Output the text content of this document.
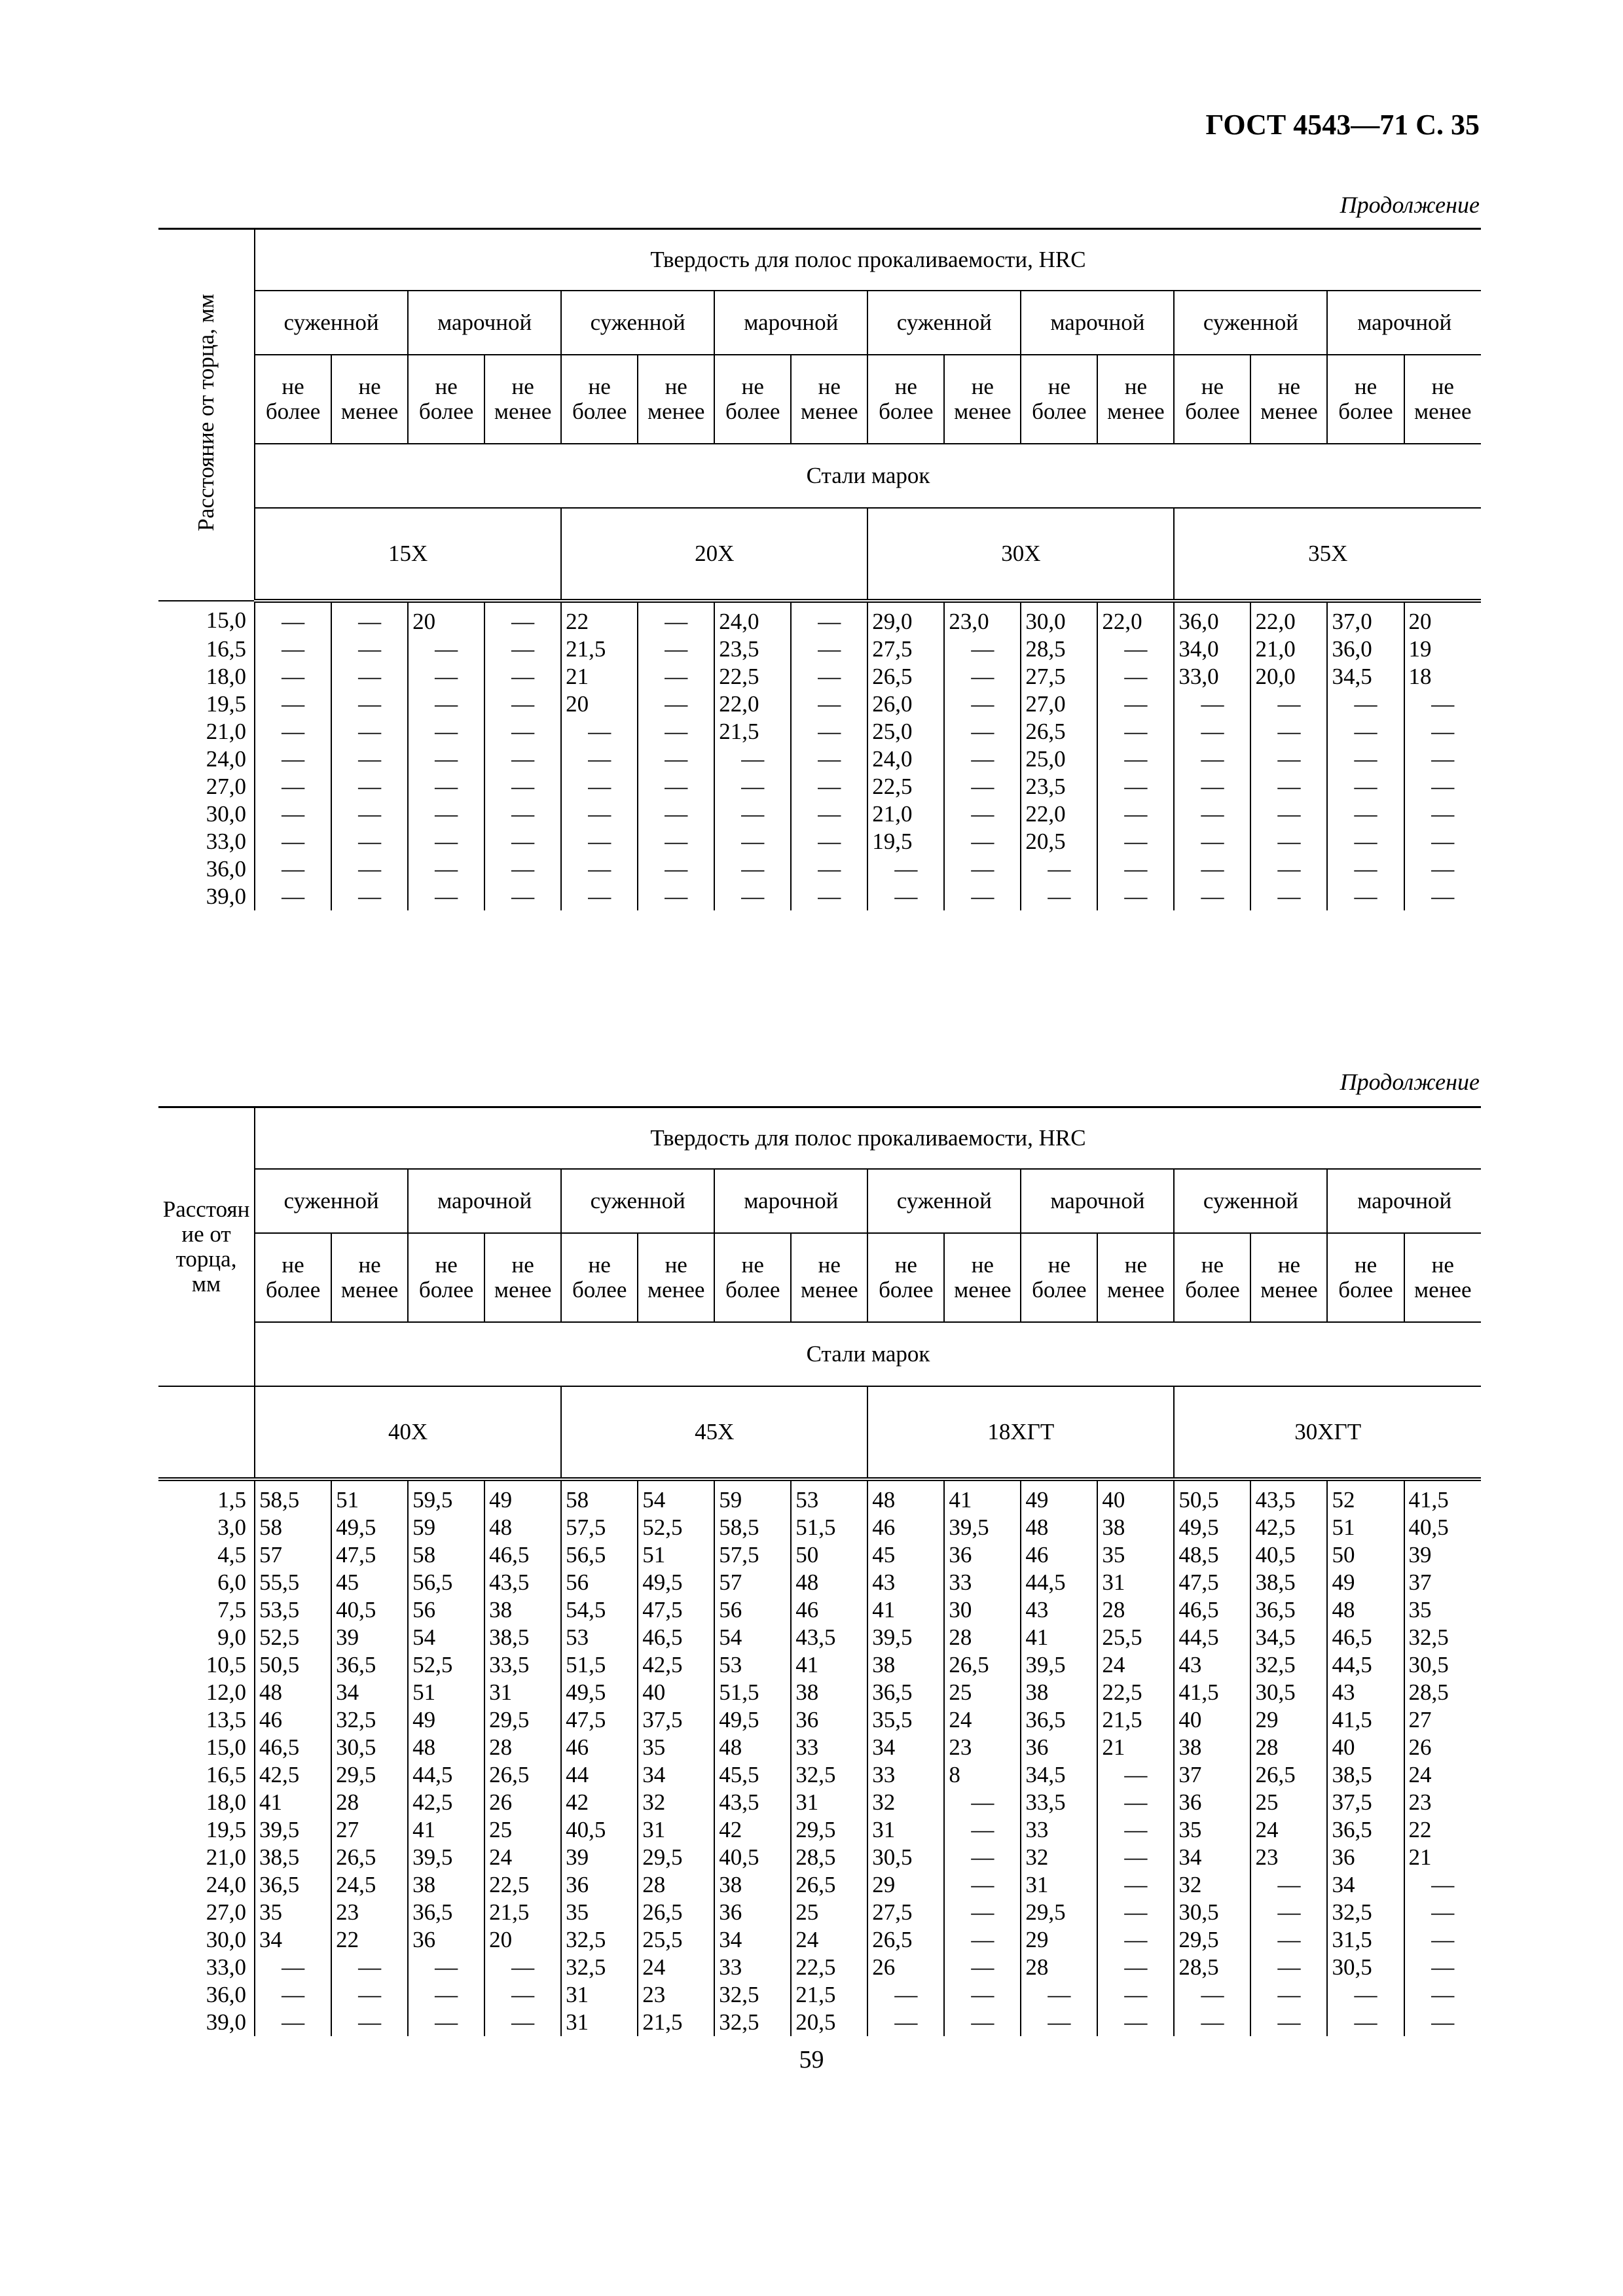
ГОСТ 4543—71 С. 35
Продолжение
Расстояние от торца, мм	Твердость для полос прокаливаемости, HRC															
	суженной		марочной		суженной		марочной		суженной		марочной		суженной		марочной	
	не более	не менее	не более	не менее	не более	не менее	не более	не менее	не более	не менее	не более	не менее	не более	не менее	не более	не менее
	Стали марок															
	15Х				20Х				30Х				35Х			
15,0	—	—	20	—	22	—	24,0	—	29,0	23,0	30,0	22,0	36,0	22,0	37,0	20
16,5	—	—	—	—	21,5	—	23,5	—	27,5	—	28,5	—	34,0	21,0	36,0	19
18,0	—	—	—	—	21	—	22,5	—	26,5	—	27,5	—	33,0	20,0	34,5	18
19,5	—	—	—	—	20	—	22,0	—	26,0	—	27,0	—	—	—	—	—
21,0	—	—	—	—	—	—	21,5	—	25,0	—	26,5	—	—	—	—	—
24,0	—	—	—	—	—	—	—	—	24,0	—	25,0	—	—	—	—	—
27,0	—	—	—	—	—	—	—	—	22,5	—	23,5	—	—	—	—	—
30,0	—	—	—	—	—	—	—	—	21,0	—	22,0	—	—	—	—	—
33,0	—	—	—	—	—	—	—	—	19,5	—	20,5	—	—	—	—	—
36,0	—	—	—	—	—	—	—	—	—	—	—	—	—	—	—	—
39,0	—	—	—	—	—	—	—	—	—	—	—	—	—	—	—	—
Продолжение
Расстоян
ие от
торца,
мм	Твердость для полос прокаливаемости, HRC															
	суженной		марочной		суженной		марочной		суженной		марочной		суженной		марочной	
	не более	не менее	не более	не менее	не более	не менее	не более	не менее	не более	не менее	не более	не менее	не более	не менее	не более	не менее
	Стали марок															
	40Х				45Х				18ХГТ				30ХГТ			
1,5	58,5	51	59,5	49	58	54	59	53	48	41	49	40	50,5	43,5	52	41,5
3,0	58	49,5	59	48	57,5	52,5	58,5	51,5	46	39,5	48	38	49,5	42,5	51	40,5
4,5	57	47,5	58	46,5	56,5	51	57,5	50	45	36	46	35	48,5	40,5	50	39
6,0	55,5	45	56,5	43,5	56	49,5	57	48	43	33	44,5	31	47,5	38,5	49	37
7,5	53,5	40,5	56	38	54,5	47,5	56	46	41	30	43	28	46,5	36,5	48	35
9,0	52,5	39	54	38,5	53	46,5	54	43,5	39,5	28	41	25,5	44,5	34,5	46,5	32,5
10,5	50,5	36,5	52,5	33,5	51,5	42,5	53	41	38	26,5	39,5	24	43	32,5	44,5	30,5
12,0	48	34	51	31	49,5	40	51,5	38	36,5	25	38	22,5	41,5	30,5	43	28,5
13,5	46	32,5	49	29,5	47,5	37,5	49,5	36	35,5	24	36,5	21,5	40	29	41,5	27
15,0	46,5	30,5	48	28	46	35	48	33	34	23	36	21	38	28	40	26
16,5	42,5	29,5	44,5	26,5	44	34	45,5	32,5	33	8	34,5	—	37	26,5	38,5	24
18,0	41	28	42,5	26	42	32	43,5	31	32	—	33,5	—	36	25	37,5	23
19,5	39,5	27	41	25	40,5	31	42	29,5	31	—	33	—	35	24	36,5	22
21,0	38,5	26,5	39,5	24	39	29,5	40,5	28,5	30,5	—	32	—	34	23	36	21
24,0	36,5	24,5	38	22,5	36	28	38	26,5	29	—	31	—	32	—	34	—
27,0	35	23	36,5	21,5	35	26,5	36	25	27,5	—	29,5	—	30,5	—	32,5	—
30,0	34	22	36	20	32,5	25,5	34	24	26,5	—	29	—	29,5	—	31,5	—
33,0	—	—	—	—	32,5	24	33	22,5	26	—	28	—	28,5	—	30,5	—
36,0	—	—	—	—	31	23	32,5	21,5	—	—	—	—	—	—	—	—
39,0	—	—	—	—	31	21,5	32,5	20,5	—	—	—	—	—	—	—	—
59
